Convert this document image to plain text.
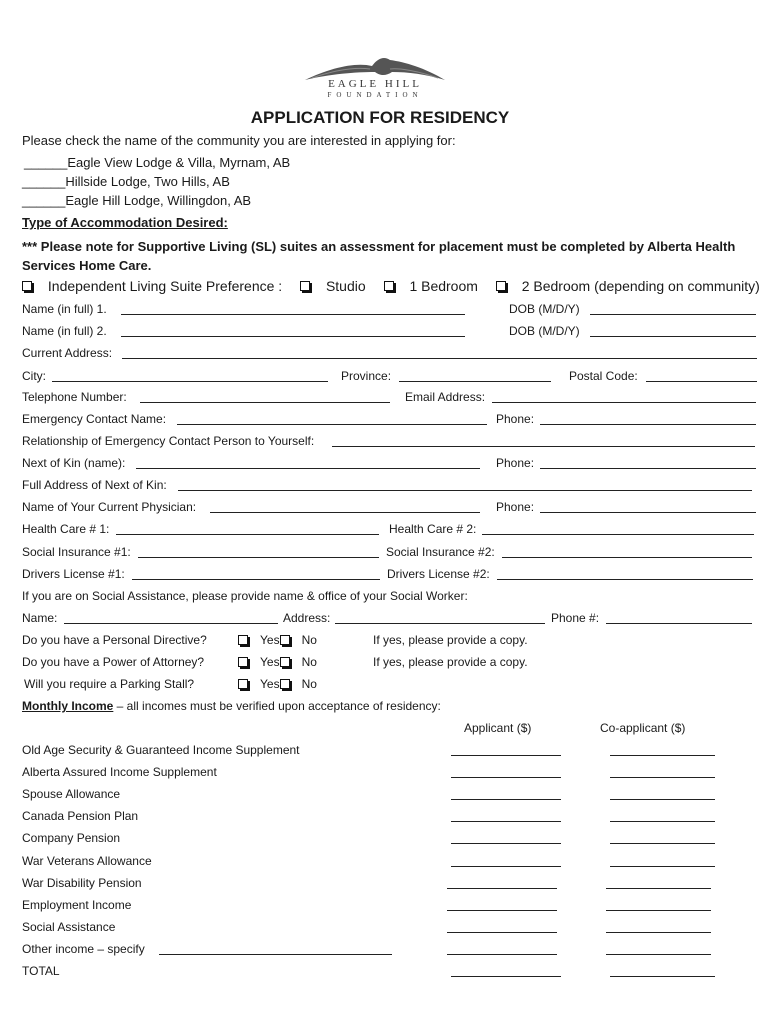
EAGLE HILL
FOUNDATION
APPLICATION FOR RESIDENCY
Please check the name of the community you are interested in applying for:
______Eagle View Lodge & Villa, Myrnam, AB
______Hillside Lodge, Two Hills, AB
______Eagle Hill Lodge, Willingdon, AB
Type of Accommodation Desired:
*** Please note for Supportive Living (SL) suites an assessment for placement must be completed by Alberta Health Services Home Care.
Independent Living Suite Preference :	Studio	1 Bedroom	2 Bedroom (depending on community)
Name (in full) 1.	DOB (M/D/Y)
Name (in full) 2.	DOB (M/D/Y)
Current Address:
City:	Province:	Postal Code:
Telephone Number:	Email Address:
Emergency Contact Name:	Phone:
Relationship of Emergency Contact Person to Yourself:
Next of Kin (name):	Phone:
Full Address of Next of Kin:
Name of Your Current Physician:	Phone:
Health Care # 1:	Health Care # 2:
Social Insurance #1:	Social Insurance #2:
Drivers License #1:	Drivers License #2:
If you are on Social Assistance, please provide name & office of your Social Worker:
Name:	Address:	Phone #:
Do you have a Personal Directive?	Yes No	If yes, please provide a copy.
Do you have a Power of Attorney?	Yes No	If yes, please provide a copy.
Will you require a Parking Stall?	Yes No
Monthly Income – all incomes must be verified upon acceptance of residency:
Applicant ($)	Co-applicant ($)
Old Age Security & Guaranteed Income Supplement
Alberta Assured Income Supplement
Spouse Allowance
Canada Pension Plan
Company Pension
War Veterans Allowance
War Disability Pension
Employment Income
Social Assistance
Other income – specify
TOTAL
